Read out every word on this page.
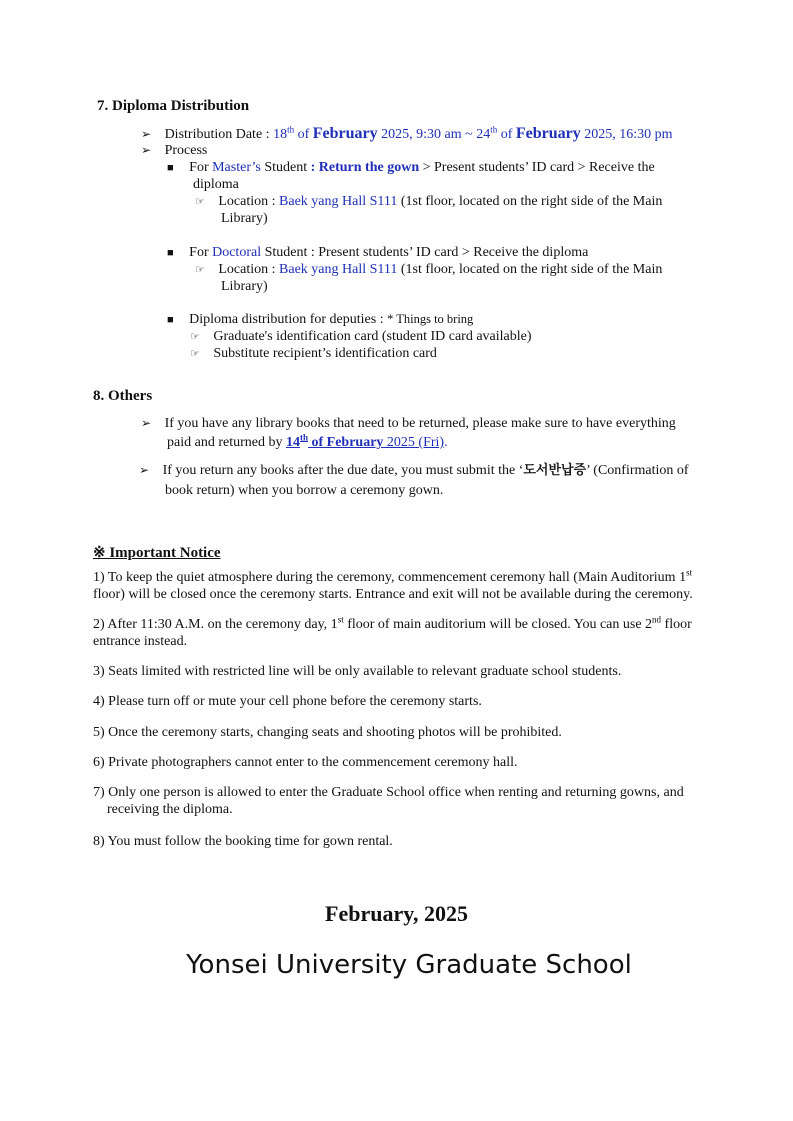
7. Diploma Distribution
➢ Distribution Date : 18th of February 2025, 9:30 am ~ 24th of February 2025, 16:30 pm
➢ Process
■ For Master’s Student : Return the gown > Present students’ ID card > Receive the
diploma
☞ Location : Baek yang Hall S111 (1st floor, located on the right side of the Main
Library)
■ For Doctoral Student : Present students’ ID card > Receive the diploma
☞ Location : Baek yang Hall S111 (1st floor, located on the right side of the Main
Library)
■ Diploma distribution for deputies : * Things to bring
☞ Graduate's identification card (student ID card available)
☞ Substitute recipient’s identification card
8. Others
➢ If you have any library books that need to be returned, please make sure to have everything
paid and returned by 14th of February 2025 (Fri).
➢ If you return any books after the due date, you must submit the ‘도서반납증’ (Confirmation of
book return) when you borrow a ceremony gown.
※ Important Notice
1) To keep the quiet atmosphere during the ceremony, commencement ceremony hall (Main Auditorium 1st
floor) will be closed once the ceremony starts. Entrance and exit will not be available during the ceremony.
2) After 11:30 A.M. on the ceremony day, 1st floor of main auditorium will be closed. You can use 2nd floor
entrance instead.
3) Seats limited with restricted line will be only available to relevant graduate school students.
4) Please turn off or mute your cell phone before the ceremony starts.
5) Once the ceremony starts, changing seats and shooting photos will be prohibited.
6) Private photographers cannot enter to the commencement ceremony hall.
7) Only one person is allowed to enter the Graduate School office when renting and returning gowns, and
receiving the diploma.
8) You must follow the booking time for gown rental.
February, 2025
Yonsei University Graduate School
